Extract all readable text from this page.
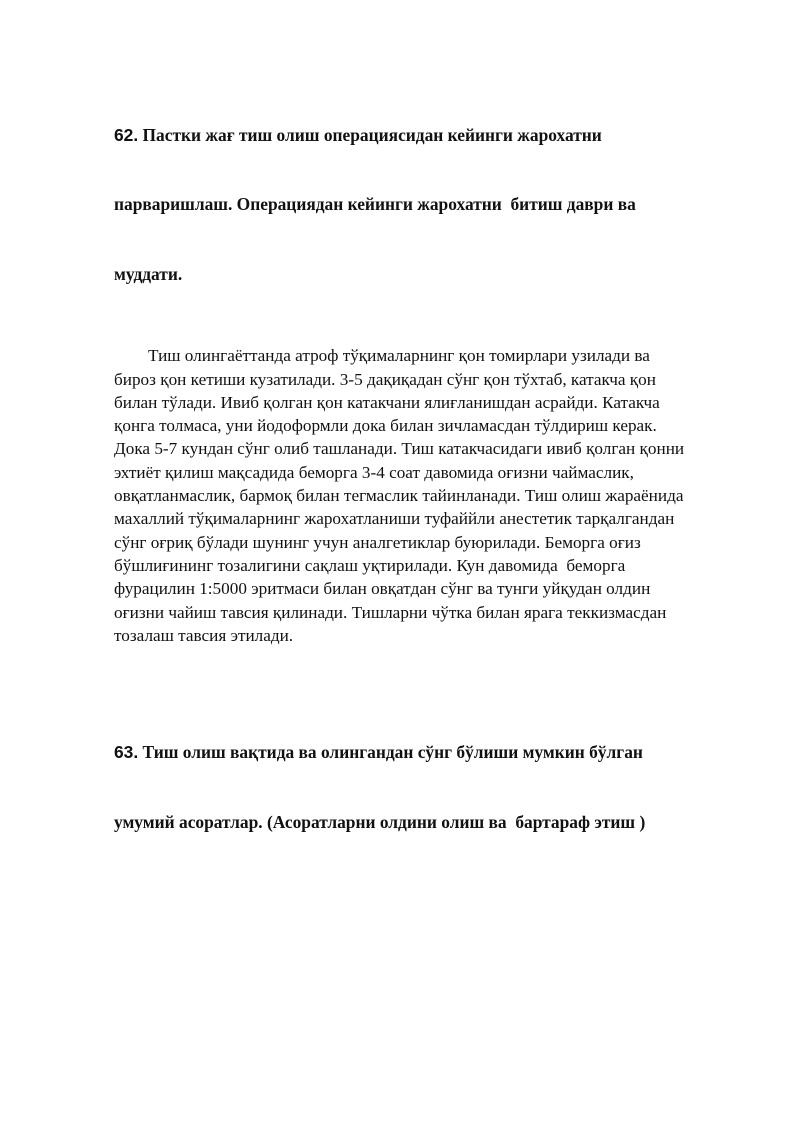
62. Пастки жағ тиш олиш операциясидан кейинги жарохатни

парваришлаш. Операциядан кейинги жарохатни  битиш даври ва

муддати.

Тиш олингаёттанда атроф тўқималарнинг қон томирлари узилади ва
бироз қон кетиши кузатилади. 3-5 дақиқадан сўнг қон тўхтаб, катакча қон
билан тўлади. Ивиб қолган қон катакчани ялиғланишдан асрайди. Катакча
қонга толмаса, уни йодоформли дока билан зичламасдан тўлдириш керак.
Дока 5-7 кундан сўнг олиб ташланади. Тиш катакчасидаги ивиб қолган қонни
эхтиёт қилиш мақсадида беморга 3-4 соат давомида оғизни чаймаслик,
овқатланмаслик, бармоқ билан тегмаслик тайинланади. Тиш олиш жараёнида
махаллий тўқималарнинг жарохатланиши туфаййли анестетик тарқалгандан
сўнг оғриқ бўлади шунинг учун аналгетиклар буюрилади. Беморга оғиз
бўшлиғининг тозалигини сақлаш уқтирилади. Кун давомида  беморга
фурацилин 1:5000 эритмаси билан овқатдан сўнг ва тунги уйқудан олдин
оғизни чайиш тавсия қилинади. Тишларни чўтка билан ярага теккизмасдан
тозалаш тавсия этилади.

63. Тиш олиш вақтида ва олингандан сўнг бўлиши мумкин бўлган

умумий асоратлар. (Асоратларни олдини олиш ва  бартараф этиш )
